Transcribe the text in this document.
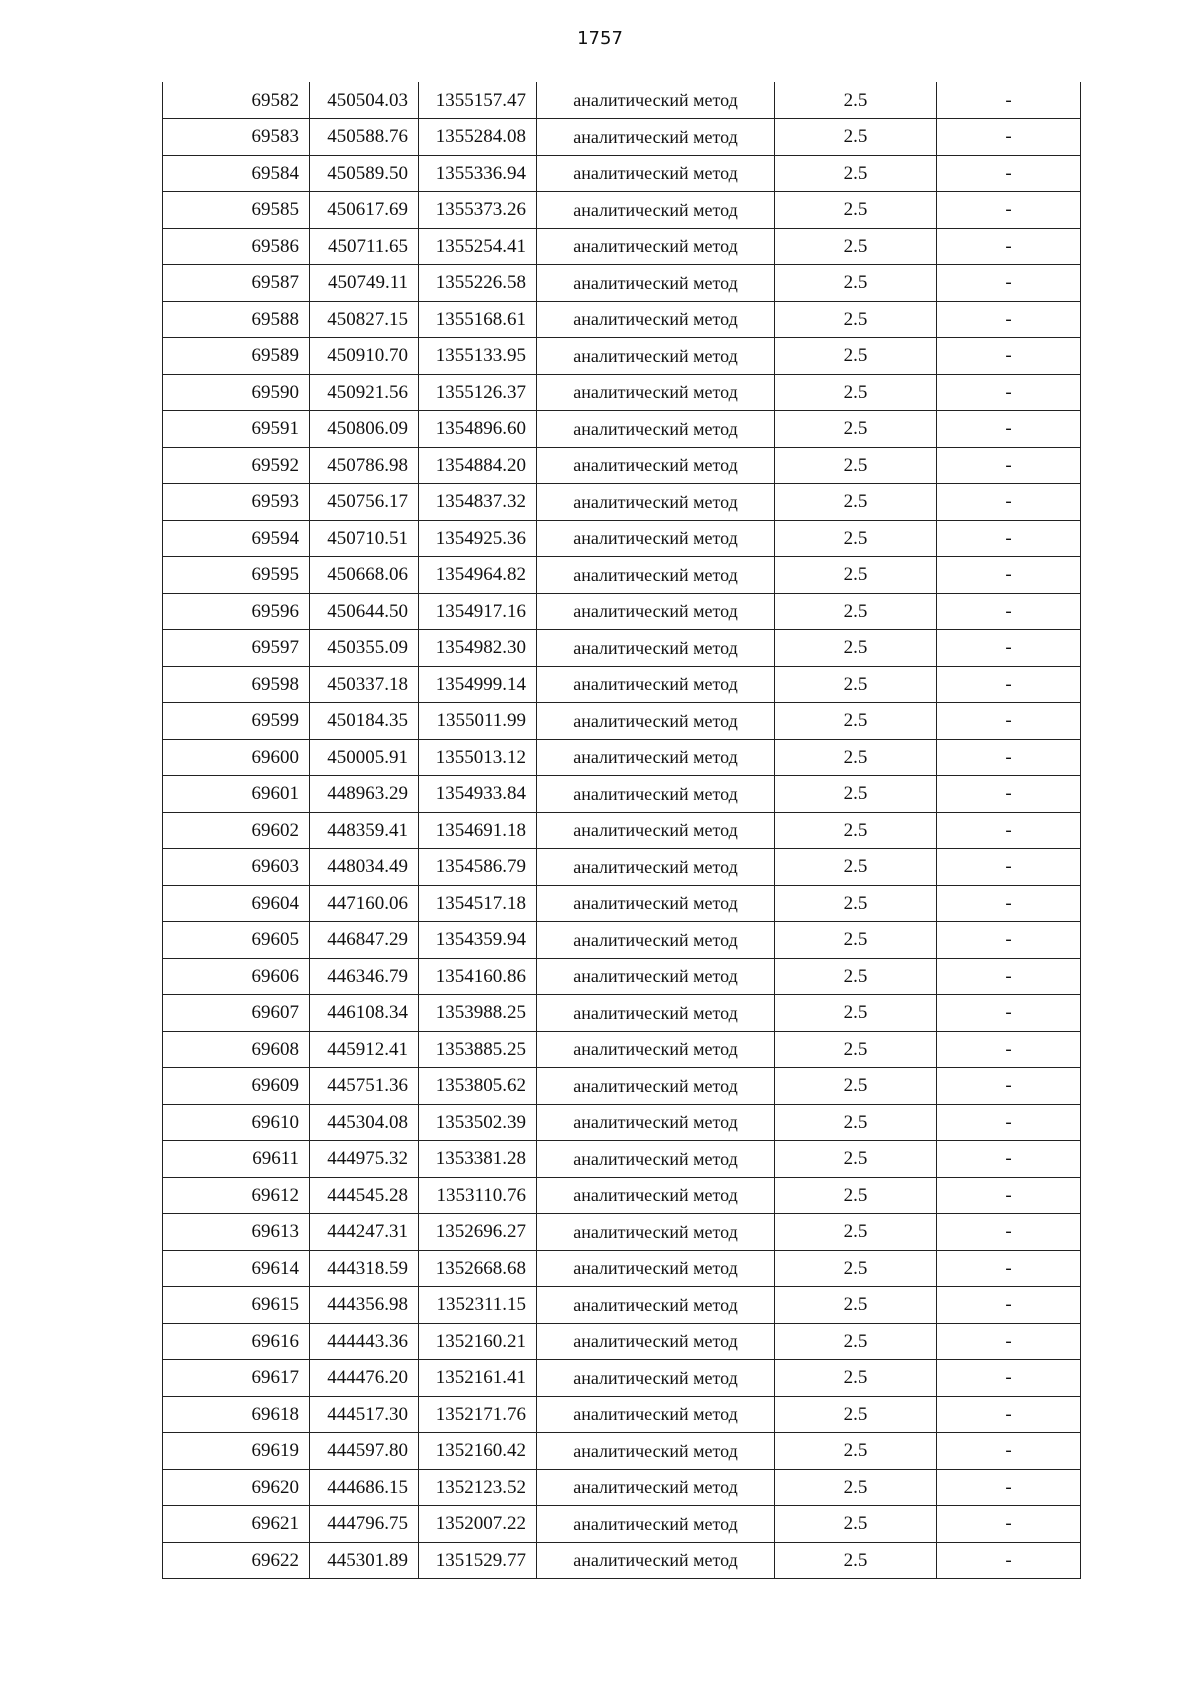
1757
69582	450504.03	1355157.47	аналитический метод	2.5	-
69583	450588.76	1355284.08	аналитический метод	2.5	-
69584	450589.50	1355336.94	аналитический метод	2.5	-
69585	450617.69	1355373.26	аналитический метод	2.5	-
69586	450711.65	1355254.41	аналитический метод	2.5	-
69587	450749.11	1355226.58	аналитический метод	2.5	-
69588	450827.15	1355168.61	аналитический метод	2.5	-
69589	450910.70	1355133.95	аналитический метод	2.5	-
69590	450921.56	1355126.37	аналитический метод	2.5	-
69591	450806.09	1354896.60	аналитический метод	2.5	-
69592	450786.98	1354884.20	аналитический метод	2.5	-
69593	450756.17	1354837.32	аналитический метод	2.5	-
69594	450710.51	1354925.36	аналитический метод	2.5	-
69595	450668.06	1354964.82	аналитический метод	2.5	-
69596	450644.50	1354917.16	аналитический метод	2.5	-
69597	450355.09	1354982.30	аналитический метод	2.5	-
69598	450337.18	1354999.14	аналитический метод	2.5	-
69599	450184.35	1355011.99	аналитический метод	2.5	-
69600	450005.91	1355013.12	аналитический метод	2.5	-
69601	448963.29	1354933.84	аналитический метод	2.5	-
69602	448359.41	1354691.18	аналитический метод	2.5	-
69603	448034.49	1354586.79	аналитический метод	2.5	-
69604	447160.06	1354517.18	аналитический метод	2.5	-
69605	446847.29	1354359.94	аналитический метод	2.5	-
69606	446346.79	1354160.86	аналитический метод	2.5	-
69607	446108.34	1353988.25	аналитический метод	2.5	-
69608	445912.41	1353885.25	аналитический метод	2.5	-
69609	445751.36	1353805.62	аналитический метод	2.5	-
69610	445304.08	1353502.39	аналитический метод	2.5	-
69611	444975.32	1353381.28	аналитический метод	2.5	-
69612	444545.28	1353110.76	аналитический метод	2.5	-
69613	444247.31	1352696.27	аналитический метод	2.5	-
69614	444318.59	1352668.68	аналитический метод	2.5	-
69615	444356.98	1352311.15	аналитический метод	2.5	-
69616	444443.36	1352160.21	аналитический метод	2.5	-
69617	444476.20	1352161.41	аналитический метод	2.5	-
69618	444517.30	1352171.76	аналитический метод	2.5	-
69619	444597.80	1352160.42	аналитический метод	2.5	-
69620	444686.15	1352123.52	аналитический метод	2.5	-
69621	444796.75	1352007.22	аналитический метод	2.5	-
69622	445301.89	1351529.77	аналитический метод	2.5	-
